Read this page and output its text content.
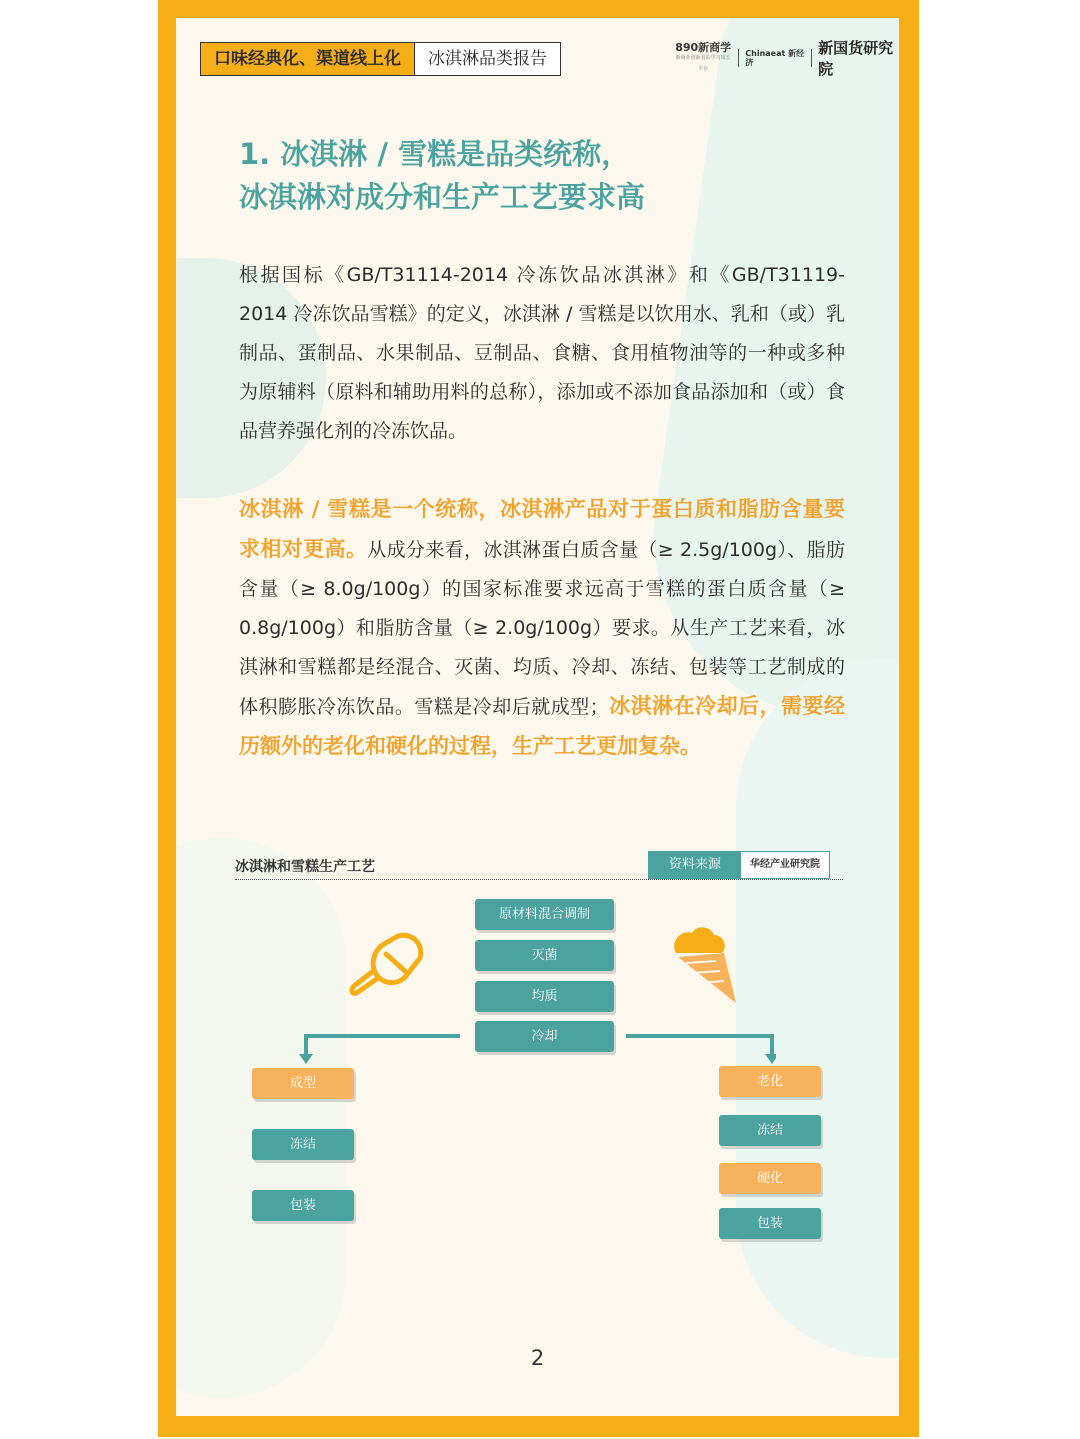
口味经典化、渠道线上化	冰淇淋品类报告
890新商学
新商业创新者的学习成长平台
Chinaeat 新经济
新国货研究院
1. 冰淇淋 / 雪糕是品类统称，
冰淇淋对成分和生产工艺要求高
根据国标《GB/T31114-2014 冷冻饮品冰淇淋》和《GB/T31119-2014 冷冻饮品雪糕》的定义，冰淇淋 / 雪糕是以饮用水、乳和（或）乳制品、蛋制品、水果制品、豆制品、食糖、食用植物油等的一种或多种为原辅料（原料和辅助用料的总称），添加或不添加食品添加和（或）食品营养强化剂的冷冻饮品。
冰淇淋 / 雪糕是一个统称，冰淇淋产品对于蛋白质和脂肪含量要求相对更高。从成分来看，冰淇淋蛋白质含量（≥ 2.5g/100g）、脂肪含量（≥ 8.0g/100g）的国家标准要求远高于雪糕的蛋白质含量（≥ 0.8g/100g）和脂肪含量（≥ 2.0g/100g）要求。从生产工艺来看，冰淇淋和雪糕都是经混合、灭菌、均质、冷却、冻结、包装等工艺制成的体积膨胀冷冻饮品。雪糕是冷却后就成型；冰淇淋在冷却后，需要经历额外的老化和硬化的过程，生产工艺更加复杂。
冰淇淋和雪糕生产工艺	资料来源	华经产业研究院
原材料混合调制
灭菌
均质
冷却
成型
冻结
包装
老化
冻结
硬化
包装
2
